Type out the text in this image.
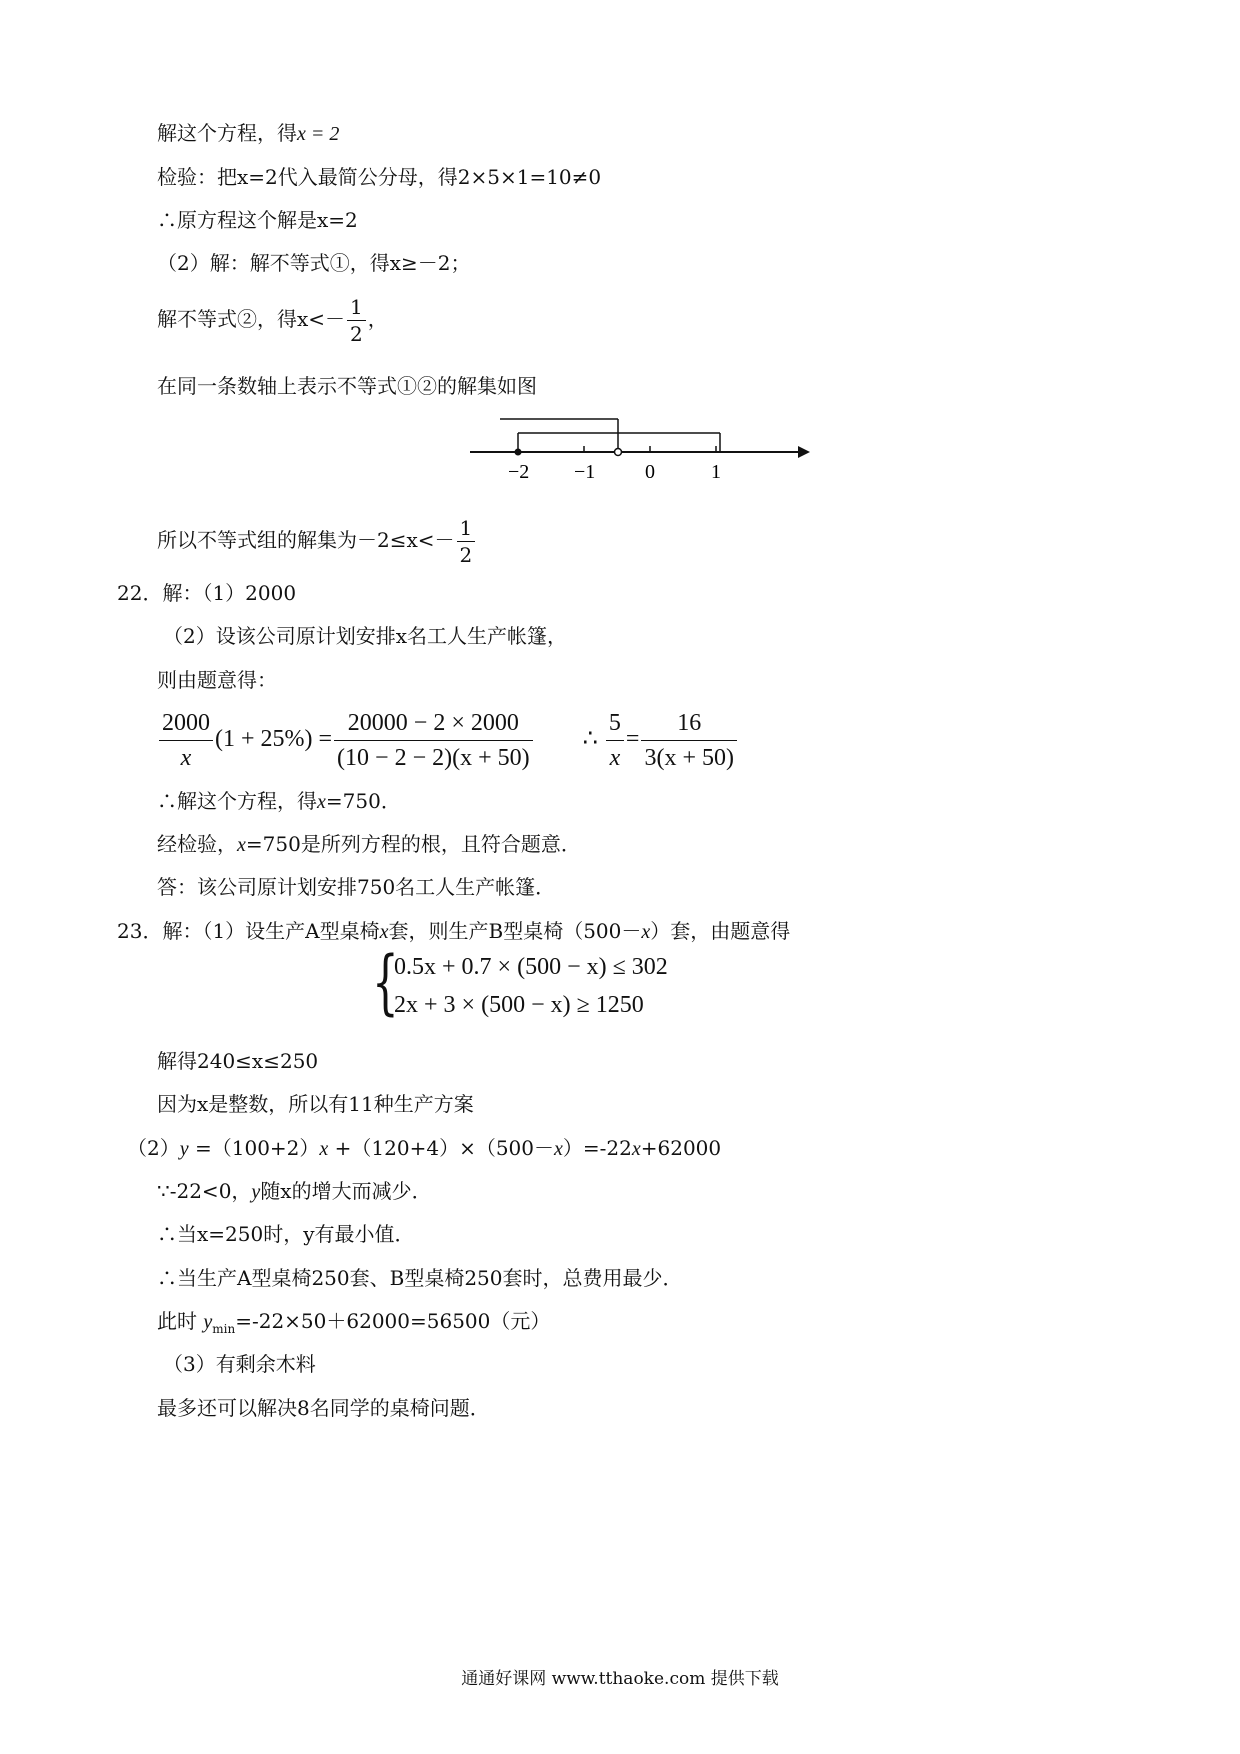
解这个方程，得x = 2
检验：把x=2代入最简公分母，得2×5×1=10≠0
∴原方程这个解是x=2
（2）解：解不等式①，得x≥－2；
解不等式②，得$x<- \frac{1}{2}$ ，
在同一条数轴上表示不等式①②的解集如图
−2 −1 0	1
所以不等式组的解集为$-2\le x<- \frac{1}{2}$
22．解：（1）2000
（2）设该公司原计划安排x名工人生产帐篷，
则由题意得：
$\frac{2000}{x} (1 + 25\%) = \frac{20000 - 2 \times 2000}{(10 - 2 - 2)(x + 50)}$ ∴ $\frac{5}{x} = \frac{16}{3(x + 50)}$
∴解这个方程，得x=750．
经检验，x=750是所列方程的根，且符合题意．
答：该公司原计划安排750名工人生产帐篷．
23．解：（1）设生产A型桌椅x套，则生产B型桌椅（500－x）套，由题意得
{
0.5x + 0.7 × (500 − x) ≤ 302
2x + 3 × (500 − x) ≥ 1250
解得240≤x≤250
因为x是整数，所以有11种生产方案
（2）y =（100+2）x +（120+4）×（500－x）=-22x+62000
∵-22<0，y随x的增大而减少．
∴当x=250时，y有最小值．
∴当生产A型桌椅250套、B型桌椅250套时，总费用最少．
此时 $y_{min}=-22\times 50+62000=56500$（元）
（3）有剩余木料
最多还可以解决8名同学的桌椅问题．
通通好课网 www.tthaoke.com 提供下载
